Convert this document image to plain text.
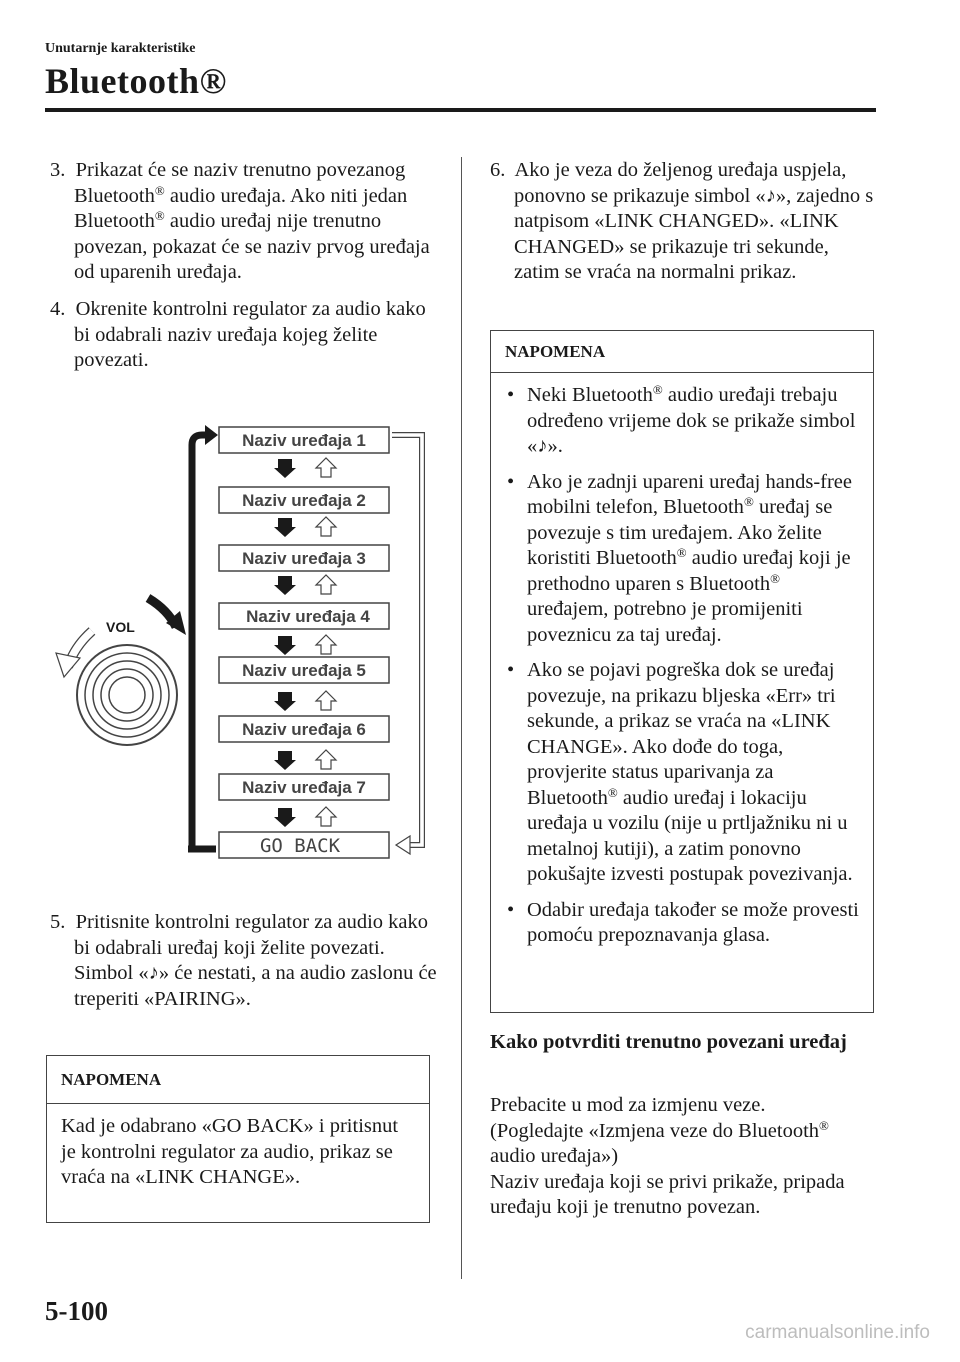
Unutarnje karakteristike
Bluetooth®
3. Prikazat će se naziv trenutno povezanog Bluetooth® audio uređaja. Ako niti jedan Bluetooth® audio uređaj nije trenutno povezan, pokazat će se naziv prvog uređaja od uparenih uređaja.
4. Okrenite kontrolni regulator za audio kako bi odabrali naziv uređaja kojeg želite povezati.
VOL
Naziv uređaja 1
Naziv uređaja 2
Naziv uređaja 3
Naziv uređaja 4
Naziv uređaja 5
Naziv uređaja 6
Naziv uređaja 7
GO BACK
5. Pritisnite kontrolni regulator za audio kako bi odabrali uređaj koji želite povezati.
Simbol «♪» će nestati, a na audio zaslonu će treperiti «PAIRING».
NAPOMENA
Kad je odabrano «GO BACK» i pritisnut je kontrolni regulator za audio, prikaz se vraća na «LINK CHANGE».
6. Ako je veza do željenog uređaja uspjela, ponovno se prikazuje simbol «♪», zajedno s natpisom «LINK CHANGED». «LINK CHANGED» se prikazuje tri sekunde, zatim se vraća na normalni prikaz.
NAPOMENA
• Neki Bluetooth® audio uređaji trebaju određeno vrijeme dok se prikaže simbol «♪».
• Ako je zadnji upareni uređaj hands-free mobilni telefon, Bluetooth® uređaj se povezuje s tim uređajem. Ako želite koristiti Bluetooth® audio uređaj koji je prethodno uparen s Bluetooth® uređajem, potrebno je promijeniti poveznicu za taj uređaj.
• Ako se pojavi pogreška dok se uređaj povezuje, na prikazu bljeska «Err» tri sekunde, a prikaz se vraća na «LINK CHANGE». Ako dođe do toga, provjerite status uparivanja za Bluetooth® audio uređaj i lokaciju uređaja u vozilu (nije u prtljažniku ni u metalnoj kutiji), a zatim ponovno pokušajte izvesti postupak povezivanja.
• Odabir uređaja također se može provesti pomoću prepoznavanja glasa.
Kako potvrditi trenutno povezani uređaj
Prebacite u mod za izmjenu veze.
(Pogledajte «Izmjena veze do Bluetooth®
audio uređaja»)
Naziv uređaja koji se privi prikaže, pripada uređaju koji je trenutno povezan.
5-100
carmanualsonline.info
